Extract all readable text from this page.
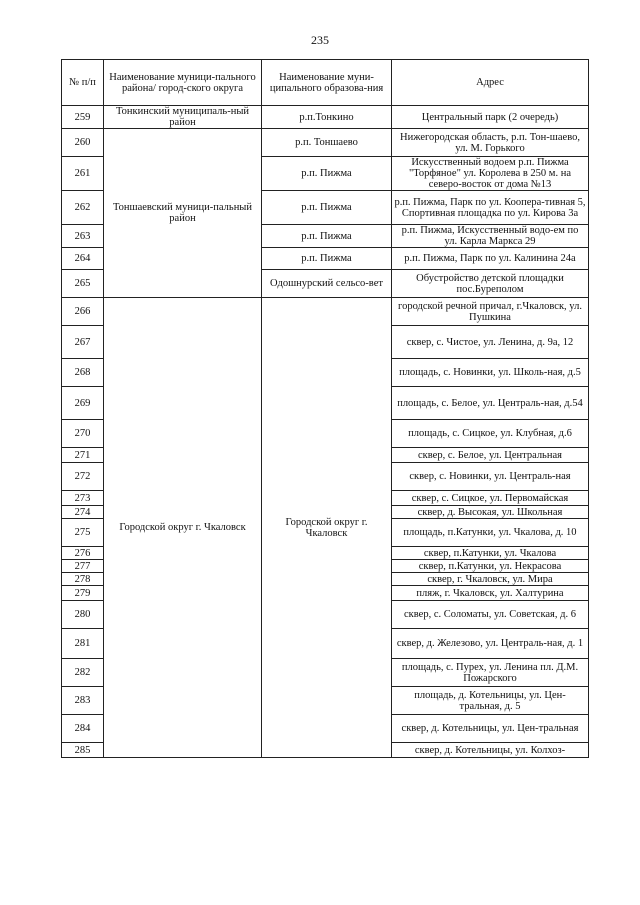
235
№ п/п	Наименование муници-пального района/ город-ского округа	Наименование муни-ципального образова-ния	Адрес
259	Тонкинский муниципаль-ный район	р.п.Тонкино	Центральный парк (2 очередь)
260	Тоншаевский муници-пальный район	р.п. Тоншаево	Нижегородская область, р.п. Тон-шаево, ул. М. Горького
261		р.п. Пижма	Искусственный водоем р.п. Пижма "Торфяное" ул. Королева в 250 м. на северо-восток от дома №13
262		р.п. Пижма	р.п. Пижма, Парк по ул. Коопера-тивная 5, Спортивная площадка по ул. Кирова 3а
263		р.п. Пижма	р.п. Пижма, Искусственный водо-ем по ул. Карла Маркса 29
264		р.п. Пижма	р.п. Пижма, Парк по ул. Калинина 24а
265		Одошнурский сельсо-вет	Обустройство детской площадки пос.Буреполом
266	Городской округ г. Чкаловск	Городской округ г. Чкаловск	городской речной причал, г.Чкаловск, ул. Пушкина
267			сквер, с. Чистое, ул. Ленина, д. 9а, 12
268			площадь, с. Новинки, ул. Школь-ная, д.5
269			площадь, с. Белое, ул. Централь-ная, д.54
270			площадь, с. Сицкое, ул. Клубная, д.6
271			сквер, с. Белое, ул. Центральная
272			сквер, с. Новинки, ул. Централь-ная
273			сквер, с. Сицкое, ул. Первомайская
274			сквер, д. Высокая, ул. Школьная
275			площадь, п.Катунки, ул. Чкалова, д. 10
276			сквер, п.Катунки, ул. Чкалова
277			сквер, п.Катунки, ул. Некрасова
278			сквер, г. Чкаловск, ул. Мира
279			пляж, г. Чкаловск, ул. Халтурина
280			сквер, с. Соломаты, ул. Советская, д. 6
281			сквер, д. Железово, ул. Централь-ная, д. 1
282			площадь, с. Пурех, ул. Ленина пл. Д.М. Пожарского
283			площадь, д. Котельницы, ул. Цен-тральная, д. 5
284			сквер, д. Котельницы, ул. Цен-тральная
285			сквер, д. Котельницы, ул. Колхоз-
